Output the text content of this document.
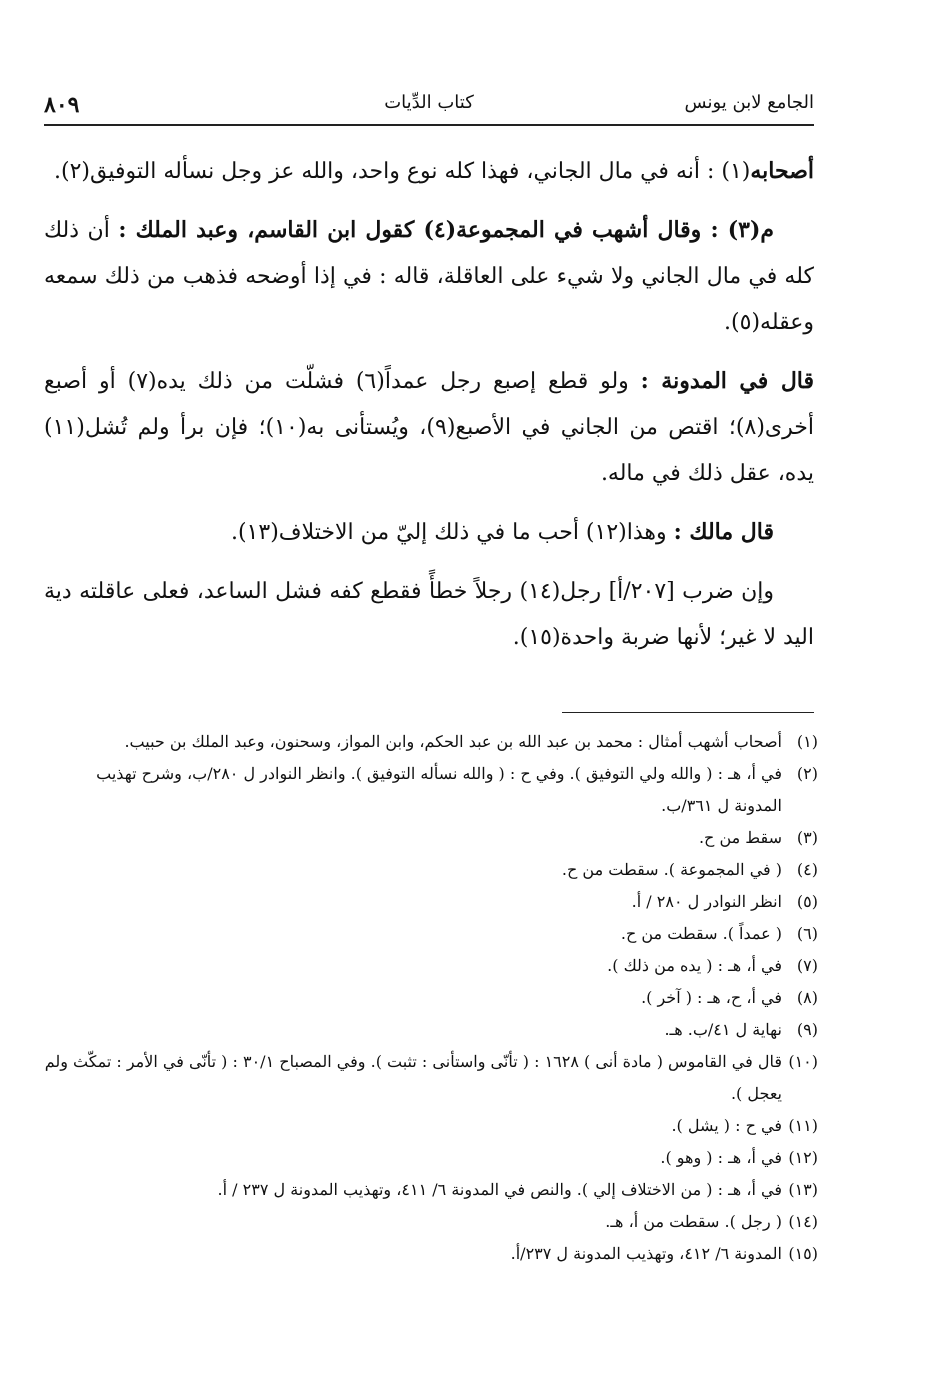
٨٠٩	كتاب الدِّيات	الجامع لابن يونس

أصحابه(١) : أنه في مال الجاني، فهذا كله نوع واحد، والله عز وجل نسأله التوفيق(٢).

م(٣) : وقال أشهب في المجموعة(٤) كقول ابن القاسم، وعبد الملك : أن ذلك كله في مال الجاني ولا شيء على العاقلة، قاله : في إذا أوضحه فذهب من ذلك سمعه وعقله(٥).

قال في المدونة : ولو قطع إصبع رجل عمداً(٦) فشلّت من ذلك يده(٧) أو أصبع أخرى(٨)؛ اقتص من الجاني في الأصبع(٩)، ويُستأنى به(١٠)؛ فإن برأ ولم تُشل(١١) يده، عقل ذلك في ماله.

قال مالك : وهذا(١٢) أحب ما في ذلك إليّ من الاختلاف(١٣).

وإن ضرب [٢٠٧/أ] رجل(١٤) رجلاً خطأً فقطع كفه فشل الساعد، فعلى عاقلته دية اليد لا غير؛ لأنها ضربة واحدة(١٥).

(١)أصحاب أشهب أمثال : محمد بن عبد الله بن عبد الحكم، وابن المواز، وسحنون، وعبد الملك بن حبيب.

(٢)في أ، هـ : ( والله ولي التوفيق ). وفي ح : ( والله نسأله التوفيق ). وانظر النوادر ل ٢٨٠/ب، وشرح تهذيب المدونة ل ٣٦١/ب.

(٣)سقط من ح.

(٤)( في المجموعة ). سقطت من ح.

(٥)انظر النوادر ل ٢٨٠ / أ.

(٦)( عمداً ). سقطت من ح.

(٧)في أ، هـ : ( يده من ذلك ).

(٨)في أ، ح، هـ : ( آخر ).

(٩)نهاية ل ٤١/ب. هـ.

(١٠)قال في القاموس ( مادة أنى ) ١٦٢٨ : ( تأنّى واستأنى : تثبت ). وفي المصباح ٣٠/١ : ( تأنّى في الأمر : تمكّث ولم يعجل ).

(١١)في ح : ( يشل ).

(١٢)في أ، هـ : ( وهو ).

(١٣)في أ، هـ : ( من الاختلاف إلي ). والنص في المدونة ٦/ ٤١١، وتهذيب المدونة ل ٢٣٧ / أ.

(١٤)( رجل ). سقطت من أ، هـ.

(١٥)المدونة ٦/ ٤١٢، وتهذيب المدونة ل ٢٣٧/أ.
